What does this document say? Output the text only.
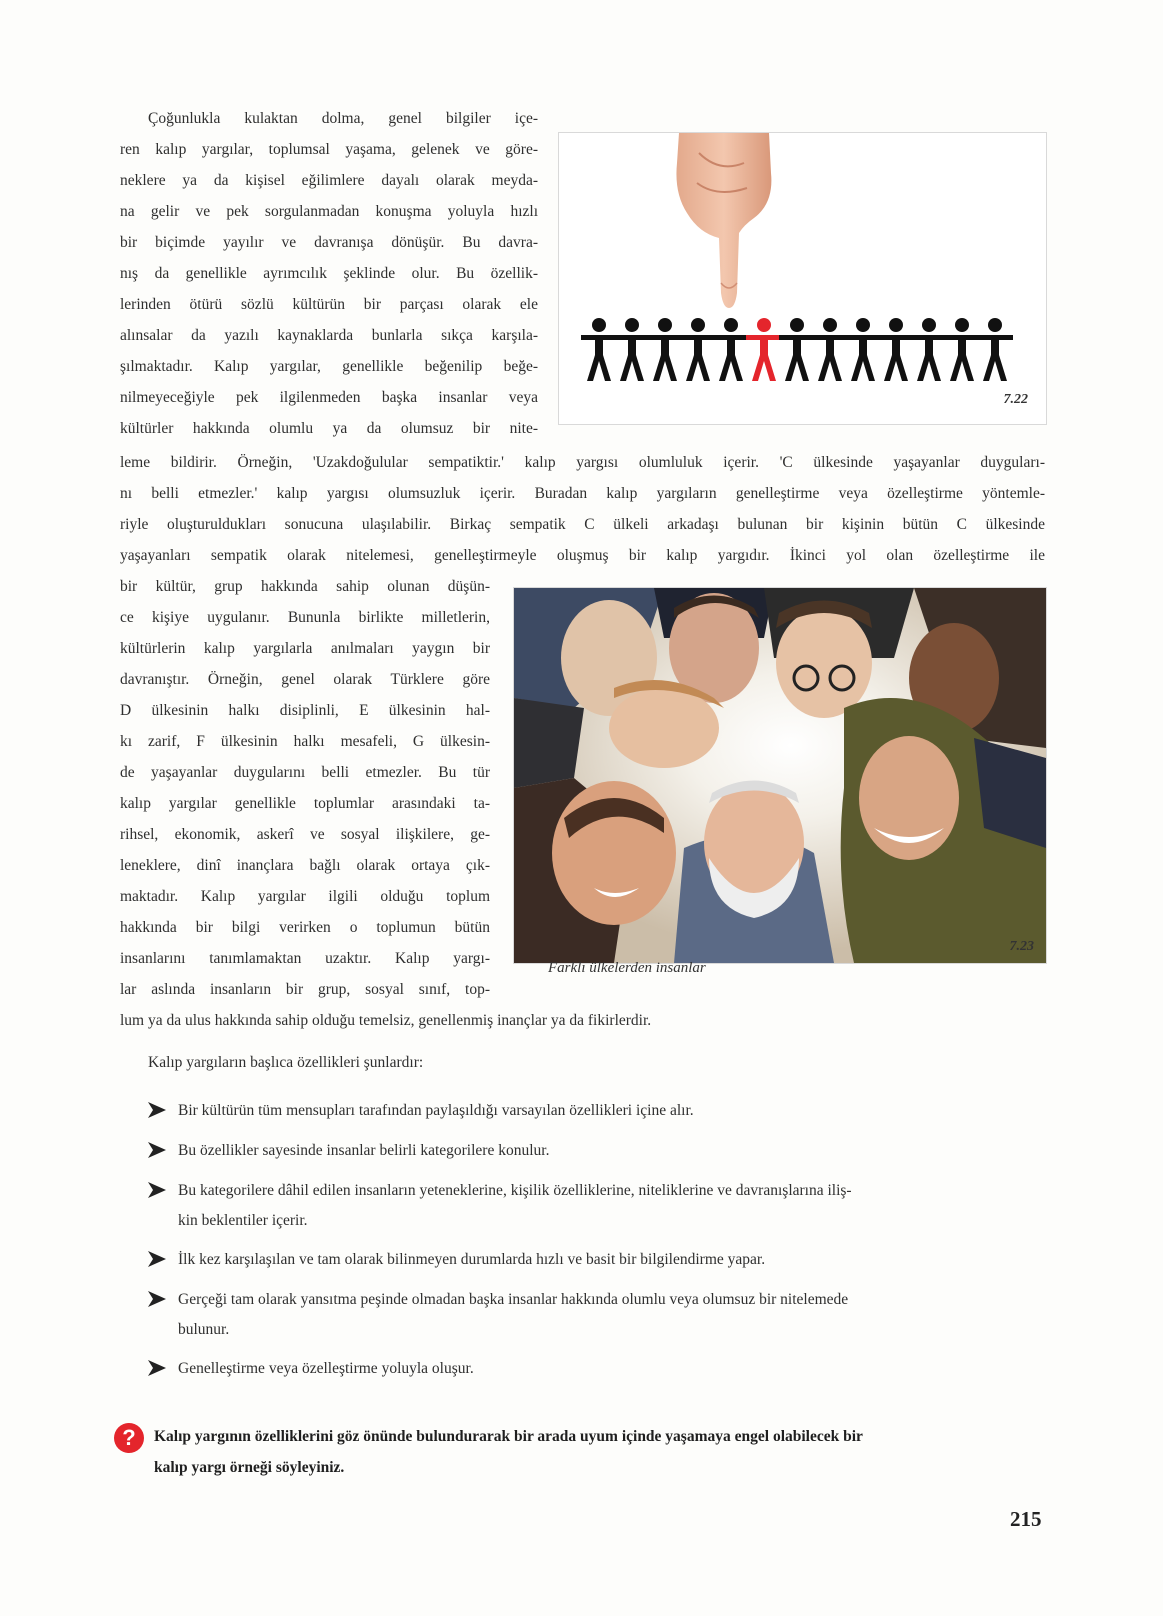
Çoğunlukla kulaktan dolma, genel bilgiler içe-
ren kalıp yargılar, toplumsal yaşama, gelenek ve göre-
neklere ya da kişisel eğilimlere dayalı olarak meyda-
na gelir ve pek sorgulanmadan konuşma yoluyla hızlı
bir biçimde yayılır ve davranışa dönüşür. Bu davra-
nış da genellikle ayrımcılık şeklinde olur. Bu özellik-
lerinden ötürü sözlü kültürün bir parçası olarak ele
alınsalar da yazılı kaynaklarda bunlarla sıkça karşıla-
şılmaktadır. Kalıp yargılar, genellikle beğenilip beğe-
nilmeyeceğiyle pek ilgilenmeden başka insanlar veya
kültürler hakkında olumlu ya da olumsuz bir nite-
7.22
leme bildirir. Örneğin, 'Uzakdoğulular sempatiktir.' kalıp yargısı olumluluk içerir. 'C ülkesinde yaşayanlar duyguları-
nı belli etmezler.' kalıp yargısı olumsuzluk içerir. Buradan kalıp yargıların genelleştirme veya özelleştirme yöntemle-
riyle oluşturuldukları sonucuna ulaşılabilir. Birkaç sempatik C ülkeli arkadaşı bulunan bir kişinin bütün C ülkesinde
yaşayanları sempatik olarak nitelemesi, genelleştirmeyle oluşmuş bir kalıp yargıdır. İkinci yol olan özelleştirme ile
bir kültür, grup hakkında sahip olunan düşün-
ce kişiye uygulanır. Bununla birlikte milletlerin,
kültürlerin kalıp yargılarla anılmaları yaygın bir
davranıştır. Örneğin, genel olarak Türklere göre
D ülkesinin halkı disiplinli, E ülkesinin hal-
kı zarif, F ülkesinin halkı mesafeli, G ülkesin-
de yaşayanlar duygularını belli etmezler. Bu tür
kalıp yargılar genellikle toplumlar arasındaki ta-
rihsel, ekonomik, askerî ve sosyal ilişkilere, ge-
leneklere, dinî inançlara bağlı olarak ortaya çık-
maktadır. Kalıp yargılar ilgili olduğu toplum
hakkında bir bilgi verirken o toplumun bütün
insanlarını tanımlamaktan uzaktır. Kalıp yargı-
lar aslında insanların bir grup, sosyal sınıf, top-
lum ya da ulus hakkında sahip olduğu temelsiz, genellenmiş inançlar ya da fikirlerdir.
7.23
Farklı ülkelerden insanlar
Kalıp yargıların başlıca özellikleri şunlardır:
Bir kültürün tüm mensupları tarafından paylaşıldığı varsayılan özellikleri içine alır.
Bu özellikler sayesinde insanlar belirli kategorilere konulur.
Bu kategorilere dâhil edilen insanların yeteneklerine, kişilik özelliklerine, niteliklerine ve davranışlarına iliş-
kin beklentiler içerir.
İlk kez karşılaşılan ve tam olarak bilinmeyen durumlarda hızlı ve basit bir bilgilendirme yapar.
Gerçeği tam olarak yansıtma peşinde olmadan başka insanlar hakkında olumlu veya olumsuz bir nitelemede
bulunur.
Genelleştirme veya özelleştirme yoluyla oluşur.
?	Kalıp yargının özelliklerini göz önünde bulundurarak bir arada uyum içinde yaşamaya engel olabilecek bir
kalıp yargı örneği söyleyiniz.
215
